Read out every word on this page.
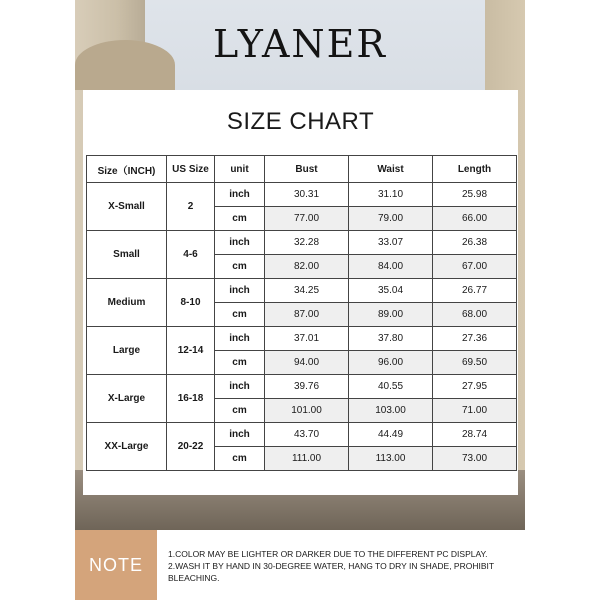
LYANER
SIZE CHART
Size（INCH)	US Size	unit	Bust	Waist	Length
X-Small	2	inch	30.31	31.10	25.98
		cm	77.00	79.00	66.00
Small	4-6	inch	32.28	33.07	26.38
		cm	82.00	84.00	67.00
Medium	8-10	inch	34.25	35.04	26.77
		cm	87.00	89.00	68.00
Large	12-14	inch	37.01	37.80	27.36
		cm	94.00	96.00	69.50
X-Large	16-18	inch	39.76	40.55	27.95
		cm	101.00	103.00	71.00
XX-Large	20-22	inch	43.70	44.49	28.74
		cm	111.00	113.00	73.00
NOTE
1.COLOR MAY BE LIGHTER OR DARKER DUE TO THE DIFFERENT PC DISPLAY.
2.WASH IT BY HAND IN 30-DEGREE WATER, HANG TO DRY IN SHADE, PROHIBIT BLEACHING.
